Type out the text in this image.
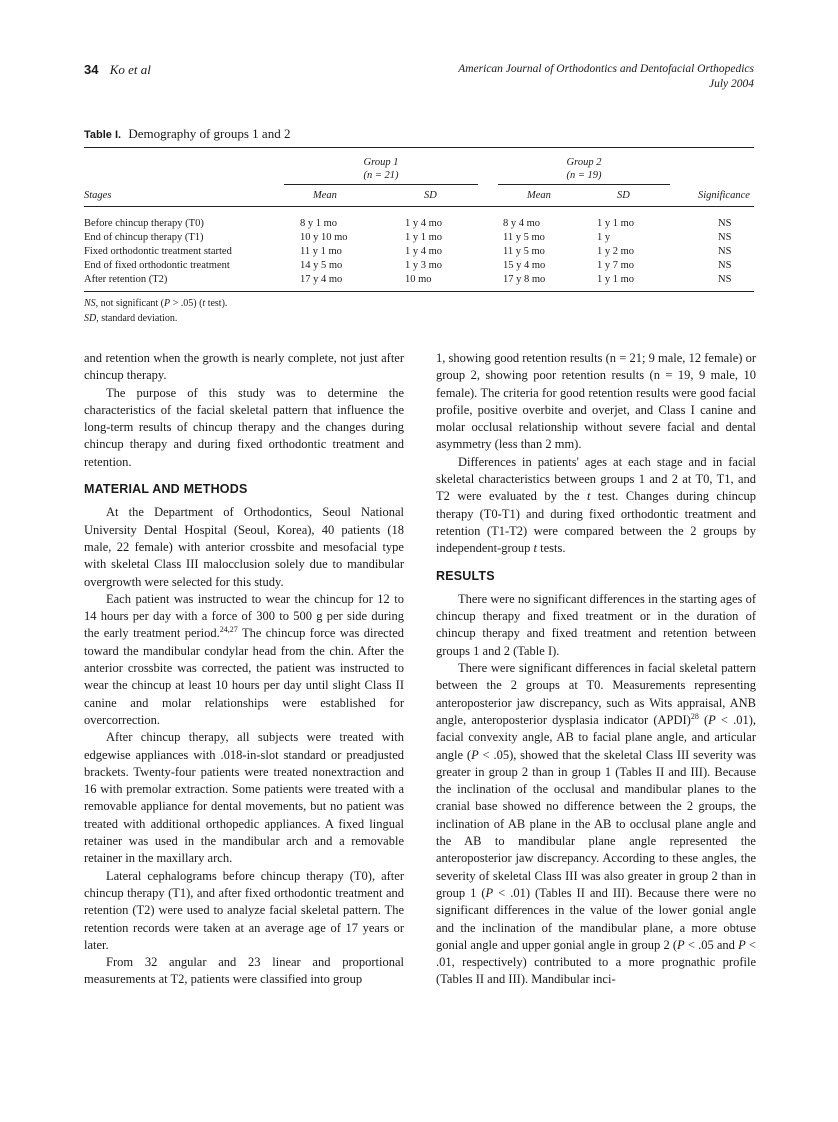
34 Ko et al	American Journal of Orthodontics and Dentofacial Orthopedics
July 2004
Table I. Demography of groups 1 and 2
Group 1
(n = 21)
Group 2
(n = 19)
Stages	Mean	SD	Mean	SD	Significance
Before chincup therapy (T0)	8 y 1 mo	1 y 4 mo	8 y 4 mo	1 y 1 mo	NS
End of chincup therapy (T1)	10 y 10 mo	1 y 1 mo	11 y 5 mo	1 y	NS
Fixed orthodontic treatment started	11 y 1 mo	1 y 4 mo	11 y 5 mo	1 y 2 mo	NS
End of fixed orthodontic treatment	14 y 5 mo	1 y 3 mo	15 y 4 mo	1 y 7 mo	NS
After retention (T2)	17 y 4 mo	10 mo	17 y 8 mo	1 y 1 mo	NS
NS, not significant (P > .05) (t test).
SD, standard deviation.

and retention when the growth is nearly complete, not just after chincup therapy.

The purpose of this study was to determine the characteristics of the facial skeletal pattern that influence the long-term results of chincup therapy and the changes during chincup therapy and during fixed orthodontic treatment and retention.

MATERIAL AND METHODS

At the Department of Orthodontics, Seoul National University Dental Hospital (Seoul, Korea), 40 patients (18 male, 22 female) with anterior crossbite and mesofacial type with skeletal Class III malocclusion solely due to mandibular overgrowth were selected for this study.

Each patient was instructed to wear the chincup for 12 to 14 hours per day with a force of 300 to 500 g per side during the early treatment period.$^{24,27}$ The chincup force was directed toward the mandibular condylar head from the chin. After the anterior crossbite was corrected, the patient was instructed to wear the chincup at least 10 hours per day until slight Class II canine and molar relationships were established for overcorrection.

After chincup therapy, all subjects were treated with edgewise appliances with .018-in-slot standard or preadjusted brackets. Twenty-four patients were treated nonextraction and 16 with premolar extraction. Some patients were treated with a removable appliance for dental movements, but no patient was treated with additional orthopedic appliances. A fixed lingual retainer was used in the mandibular arch and a removable retainer in the maxillary arch.

Lateral cephalograms before chincup therapy (T0), after chincup therapy (T1), and after fixed orthodontic treatment and retention (T2) were used to analyze facial skeletal pattern. The retention records were taken at an average age of 17 years or later.

From 32 angular and 23 linear and proportional measurements at T2, patients were classified into group

1, showing good retention results (n = 21; 9 male, 12 female) or group 2, showing poor retention results (n = 19, 9 male, 10 female). The criteria for good retention results were good facial profile, positive overbite and overjet, and Class I canine and molar occlusal relationship without severe facial and dental asymmetry (less than 2 mm).

Differences in patients' ages at each stage and in facial skeletal characteristics between groups 1 and 2 at T0, T1, and T2 were evaluated by the t test. Changes during chincup therapy (T0-T1) and during fixed orthodontic treatment and retention (T1-T2) were compared between the 2 groups by independent-group t tests.

RESULTS

There were no significant differences in the starting ages of chincup therapy and fixed treatment or in the duration of chincup therapy and fixed treatment and retention between groups 1 and 2 (Table I).

There were significant differences in facial skeletal pattern between the 2 groups at T0. Measurements representing anteroposterior jaw discrepancy, such as Wits appraisal, ANB angle, anteroposterior dysplasia indicator (APDI)$^{28}$ (P < .01), facial convexity angle, AB to facial plane angle, and articular angle (P < .05), showed that the skeletal Class III severity was greater in group 2 than in group 1 (Tables II and III). Because the inclination of the occlusal and mandibular planes to the cranial base showed no difference between the 2 groups, the inclination of AB plane in the AB to occlusal plane angle and the AB to mandibular plane angle represented the anteroposterior jaw discrepancy. According to these angles, the severity of skeletal Class III was also greater in group 2 than in group 1 (P < .01) (Tables II and III). Because there were no significant differences in the value of the lower gonial angle and the inclination of the mandibular plane, a more obtuse gonial angle and upper gonial angle in group 2 (P < .05 and P < .01, respectively) contributed to a more prognathic profile (Tables II and III). Mandibular inci-
